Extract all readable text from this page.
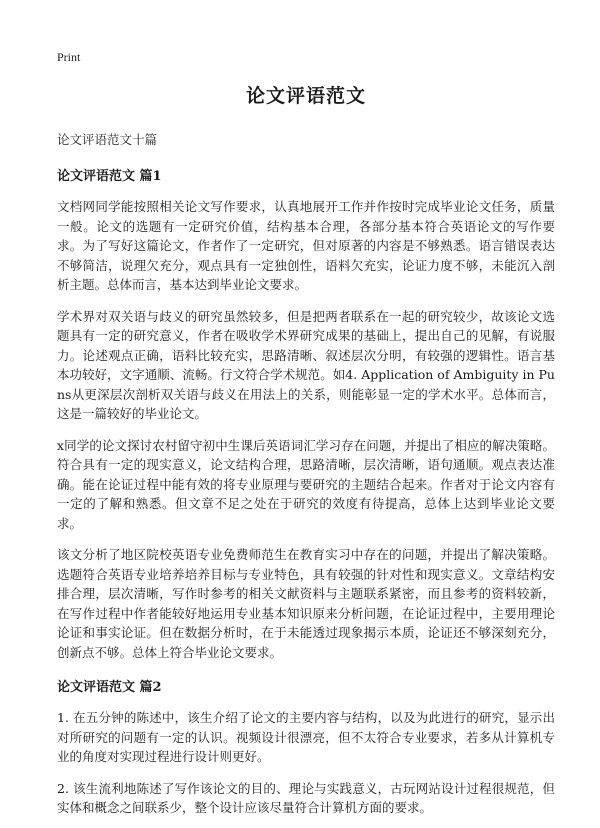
Print
论文评语范文
论文评语范文十篇
论文评语范文 篇1
文档网同学能按照相关论文写作要求，认真地展开工作并作按时完成毕业论文任务，质量一般。论文的选题有一定研究价值，结构基本合理，各部分基本符合英语论文的写作要求。为了写好这篇论文，作者作了一定研究，但对原著的内容是不够熟悉。语言错误表达不够简洁，说理欠充分，观点具有一定独创性，语料欠充实，论证力度不够，未能沉入剖析主题。总体而言，基本达到毕业论文要求。
学术界对双关语与歧义的研究虽然较多，但是把两者联系在一起的研究较少，故该论文选题具有一定的研究意义，作者在吸收学术界研究成果的基础上，提出自己的见解，有说服力。论述观点正确，语料比较充实，思路清晰、叙述层次分明，有较强的逻辑性。语言基本功较好，文字通顺、流畅。行文符合学术规范。如4. Application of Ambiguity in Puns从更深层次剖析双关语与歧义在用法上的关系，则能彰显一定的学术水平。总体而言，这是一篇较好的毕业论文。
x同学的论文探讨农村留守初中生课后英语词汇学习存在问题，并提出了相应的解决策略。符合具有一定的现实意义，论文结构合理，思路清晰，层次清晰，语句通顺。观点表达准确。能在论证过程中能有效的将专业原理与要研究的主题结合起来。作者对于论文内容有一定的了解和熟悉。但文章不足之处在于研究的效度有待提高，总体上达到毕业论文要求。
该文分析了地区院校英语专业免费师范生在教育实习中存在的问题，并提出了解决策略。选题符合英语专业培养培养目标与专业特色，具有较强的针对性和现实意义。文章结构安排合理，层次清晰，写作时参考的相关文献资料与主题联系紧密，而且参考的资料较新，在写作过程中作者能较好地运用专业基本知识原来分析问题，在论证过程中，主要用理论论证和事实论证。但在数据分析时，在于未能透过现象揭示本质，论证还不够深刻充分，创新点不够。总体上符合毕业论文要求。
论文评语范文 篇2
1. 在五分钟的陈述中，该生介绍了论文的主要内容与结构，以及为此进行的研究，显示出对所研究的问题有一定的认识。视频设计很漂亮，但不太符合专业要求，若多从计算机专业的角度对实现过程进行设计则更好。
2. 该生流利地陈述了写作该论文的目的、理论与实践意义，古玩网站设计过程很规范，但实体和概念之间联系少，整个设计应该尽量符合计算机方面的要求。
